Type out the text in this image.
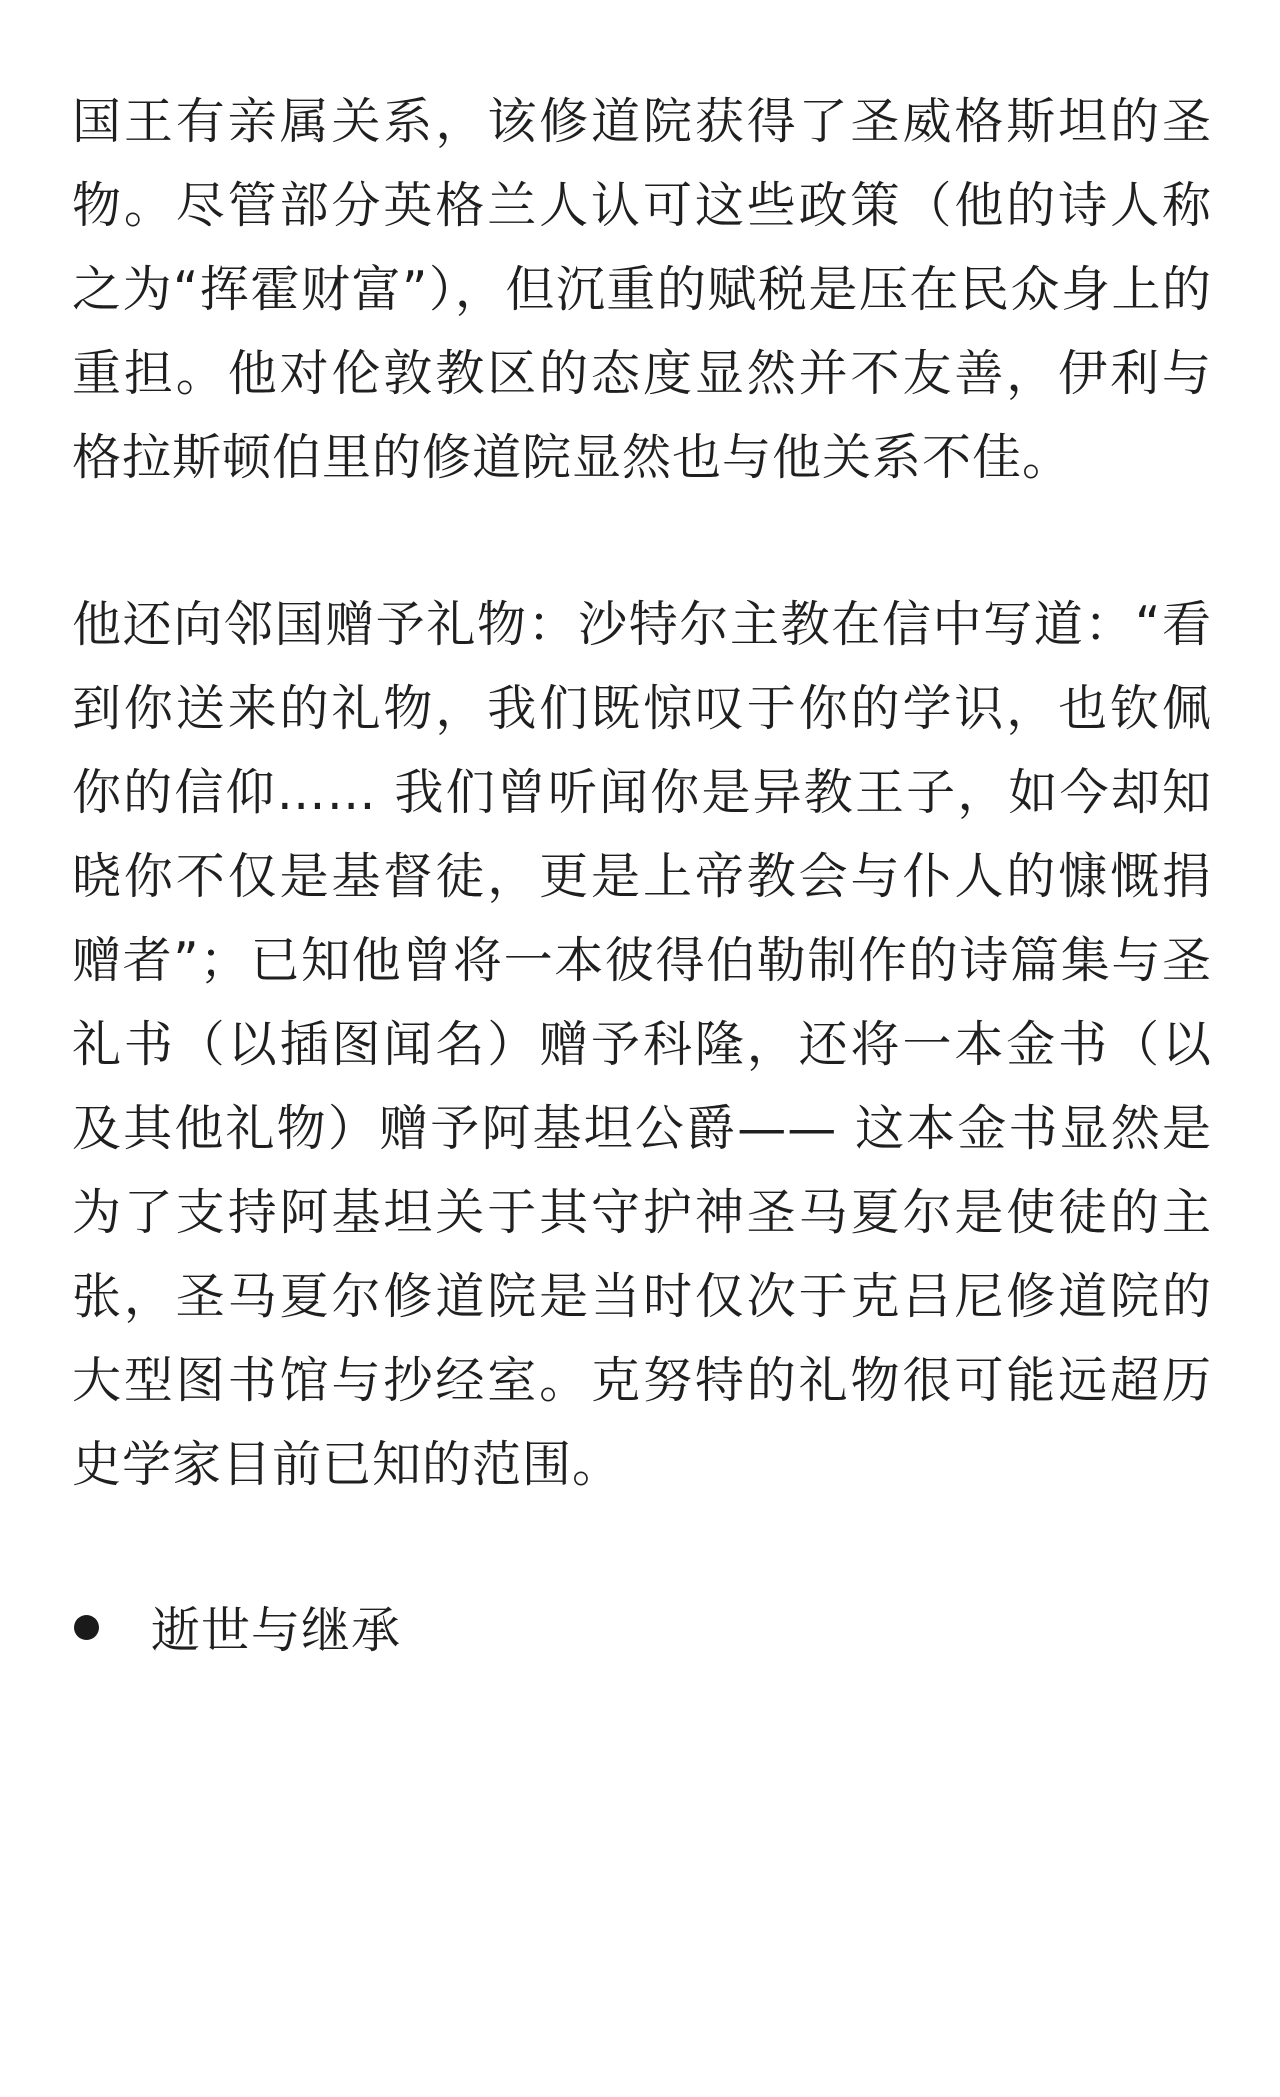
国王有亲属关系，该修道院获得了圣威格斯坦的圣物。尽管部分英格兰人认可这些政策（他的诗人称之为“挥霍财富”），但沉重的赋税是压在民众身上的重担。他对伦敦教区的态度显然并不友善，伊利与格拉斯顿伯里的修道院显然也与他关系不佳。

他还向邻国赠予礼物：沙特尔主教在信中写道：“看到你送来的礼物，我们既惊叹于你的学识，也钦佩你的信仰…… 我们曾听闻你是异教王子，如今却知晓你不仅是基督徒，更是上帝教会与仆人的慷慨捐赠者”；已知他曾将一本彼得伯勒制作的诗篇集与圣礼书（以插图闻名）赠予科隆，还将一本金书（以及其他礼物）赠予阿基坦公爵—— 这本金书显然是为了支持阿基坦关于其守护神圣马夏尔是使徒的主张，圣马夏尔修道院是当时仅次于克吕尼修道院的大型图书馆与抄经室。克努特的礼物很可能远超历史学家目前已知的范围。

逝世与继承
